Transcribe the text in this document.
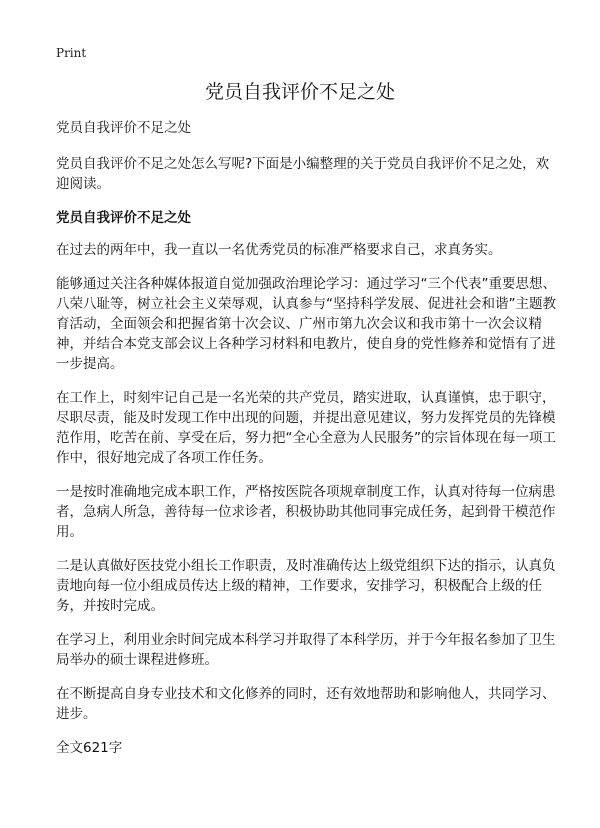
Print
党员自我评价不足之处

党员自我评价不足之处

党员自我评价不足之处怎么写呢?下面是小编整理的关于党员自我评价不足之处，欢迎阅读。

党员自我评价不足之处

在过去的两年中，我一直以一名优秀党员的标准严格要求自己，求真务实。

能够通过关注各种媒体报道自觉加强政治理论学习：通过学习“三个代表”重要思想、八荣八耻等，树立社会主义荣辱观，认真参与“坚持科学发展、促进社会和谐”主题教育活动，全面领会和把握省第十次会议、广州市第九次会议和我市第十一次会议精神，并结合本党支部会议上各种学习材料和电教片，使自身的党性修养和觉悟有了进一步提高。

在工作上，时刻牢记自己是一名光荣的共产党员，踏实进取，认真谨慎，忠于职守，尽职尽责，能及时发现工作中出现的问题，并提出意见建议，努力发挥党员的先锋模范作用，吃苦在前、享受在后，努力把“全心全意为人民服务”的宗旨体现在每一项工作中，很好地完成了各项工作任务。

一是按时准确地完成本职工作，严格按医院各项规章制度工作，认真对待每一位病患者，急病人所急，善待每一位求诊者，积极协助其他同事完成任务，起到骨干模范作用。

二是认真做好医技党小组长工作职责，及时准确传达上级党组织下达的指示，认真负责地向每一位小组成员传达上级的精神，工作要求，安排学习，积极配合上级的任务，并按时完成。

在学习上，利用业余时间完成本科学习并取得了本科学历，并于今年报名参加了卫生局举办的硕士课程进修班。

在不断提高自身专业技术和文化修养的同时，还有效地帮助和影响他人，共同学习、进步。

全文621字
